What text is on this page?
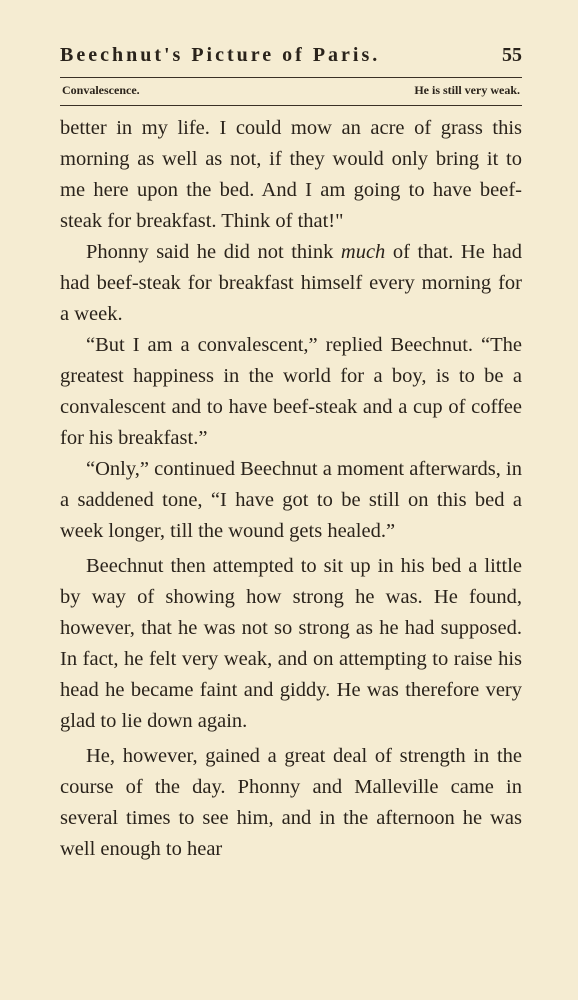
Beechnut's Picture of Paris.	55
Convalescence.	He is still very weak.

better in my life. I could mow an acre of grass this morning as well as not, if they would only bring it to me here upon the bed. And I am going to have beef-steak for breakfast. Think of that!"

Phonny said he did not think much of that. He had had beef-steak for breakfast himself every morning for a week.

“But I am a convalescent,” replied Beechnut. “The greatest happiness in the world for a boy, is to be a convalescent and to have beef-steak and a cup of coffee for his breakfast.”

“Only,” continued Beechnut a moment afterwards, in a saddened tone, “I have got to be still on this bed a week longer, till the wound gets healed.”

Beechnut then attempted to sit up in his bed a little by way of showing how strong he was. He found, however, that he was not so strong as he had supposed. In fact, he felt very weak, and on attempting to raise his head he became faint and giddy. He was therefore very glad to lie down again.

He, however, gained a great deal of strength in the course of the day. Phonny and Malleville came in several times to see him, and in the afternoon he was well enough to hear
